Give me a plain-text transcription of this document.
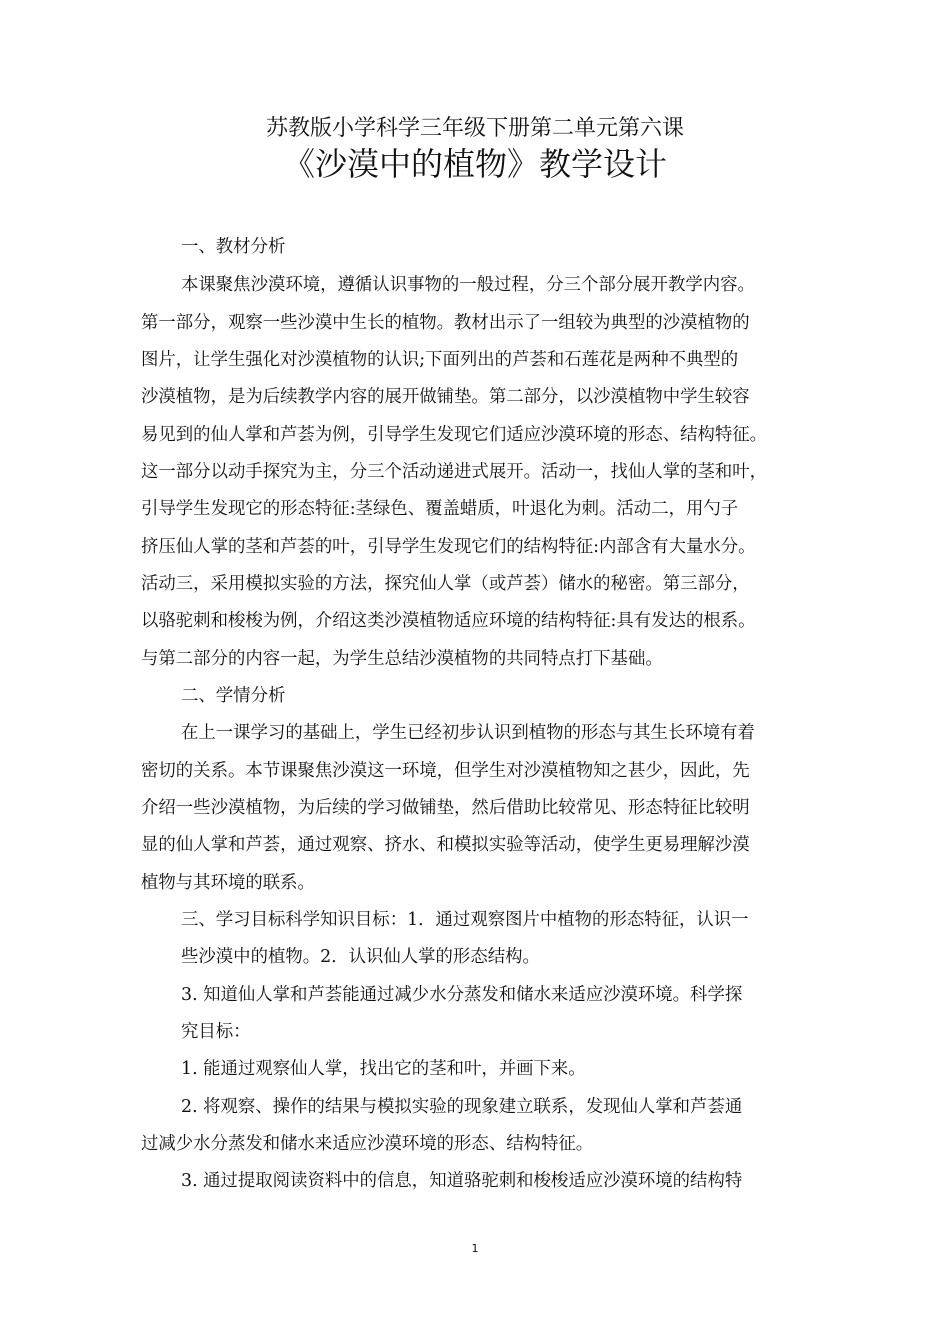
苏教版小学科学三年级下册第二单元第六课
《沙漠中的植物》教学设计
一、教材分析
本课聚焦沙漠环境，遵循认识事物的一般过程，分三个部分展开教学内容。
第一部分，观察一些沙漠中生长的植物。教材出示了一组较为典型的沙漠植物的
图片，让学生强化对沙漠植物的认识;下面列出的芦荟和石莲花是两种不典型的
沙漠植物，是为后续教学内容的展开做铺垫。第二部分，以沙漠植物中学生较容
易见到的仙人掌和芦荟为例，引导学生发现它们适应沙漠环境的形态、结构特征。
这一部分以动手探究为主，分三个活动递进式展开。活动一，找仙人掌的茎和叶，
引导学生发现它的形态特征:茎绿色、覆盖蜡质，叶退化为刺。活动二，用勺子
挤压仙人掌的茎和芦荟的叶，引导学生发现它们的结构特征:内部含有大量水分。
活动三，采用模拟实验的方法，探究仙人掌（或芦荟）储水的秘密。第三部分，
以骆驼刺和梭梭为例，介绍这类沙漠植物适应环境的结构特征:具有发达的根系。
与第二部分的内容一起，为学生总结沙漠植物的共同特点打下基础。
二、学情分析
在上一课学习的基础上，学生已经初步认识到植物的形态与其生长环境有着
密切的关系。本节课聚焦沙漠这一环境，但学生对沙漠植物知之甚少，因此，先
介绍一些沙漠植物，为后续的学习做铺垫，然后借助比较常见、形态特征比较明
显的仙人掌和芦荟，通过观察、挤水、和模拟实验等活动，使学生更易理解沙漠
植物与其环境的联系。
三、学习目标科学知识目标：1．通过观察图片中植物的形态特征，认识一
些沙漠中的植物。2．认识仙人掌的形态结构。
3. 知道仙人掌和芦荟能通过减少水分蒸发和储水来适应沙漠环境。科学探
究目标：
1. 能通过观察仙人掌，找出它的茎和叶，并画下来。
2. 将观察、操作的结果与模拟实验的现象建立联系，发现仙人掌和芦荟通
过减少水分蒸发和储水来适应沙漠环境的形态、结构特征。
3. 通过提取阅读资料中的信息，知道骆驼刺和梭梭适应沙漠环境的结构特
1
